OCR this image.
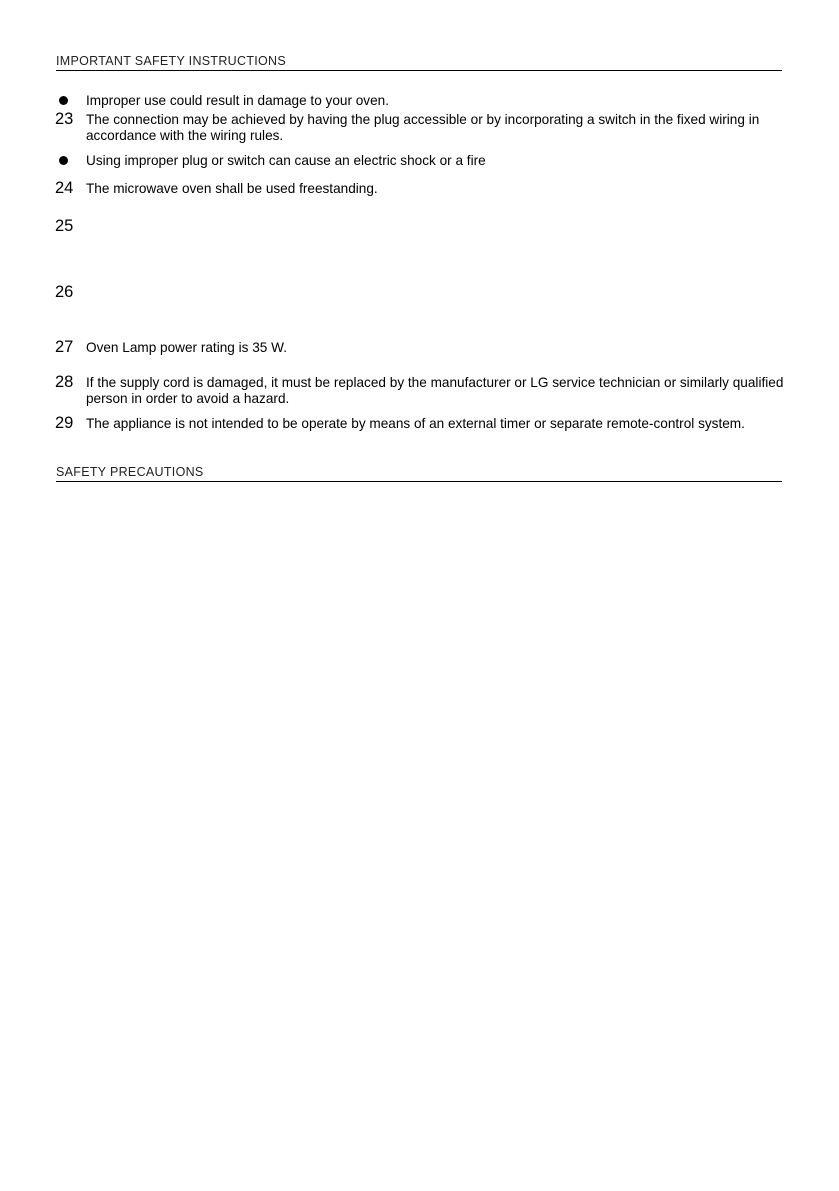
IMPORTANT SAFETY INSTRUCTIONS
Improper use could result in damage to your oven.
23 The connection may be achieved by having the plug accessible or by incorporating a switch in the fixed wiring in accordance with the wiring rules.
Using improper plug or switch can cause an electric shock or a fire
24 The microwave oven shall be used freestanding.
25
26
27 Oven Lamp power rating is 35 W.
28 If the supply cord is damaged, it must be replaced by the manufacturer or LG service technician or similarly qualified person in order to avoid a hazard.
29 The appliance is not intended to be operate by means of an external timer or separate remote-control system.
SAFETY PRECAUTIONS
